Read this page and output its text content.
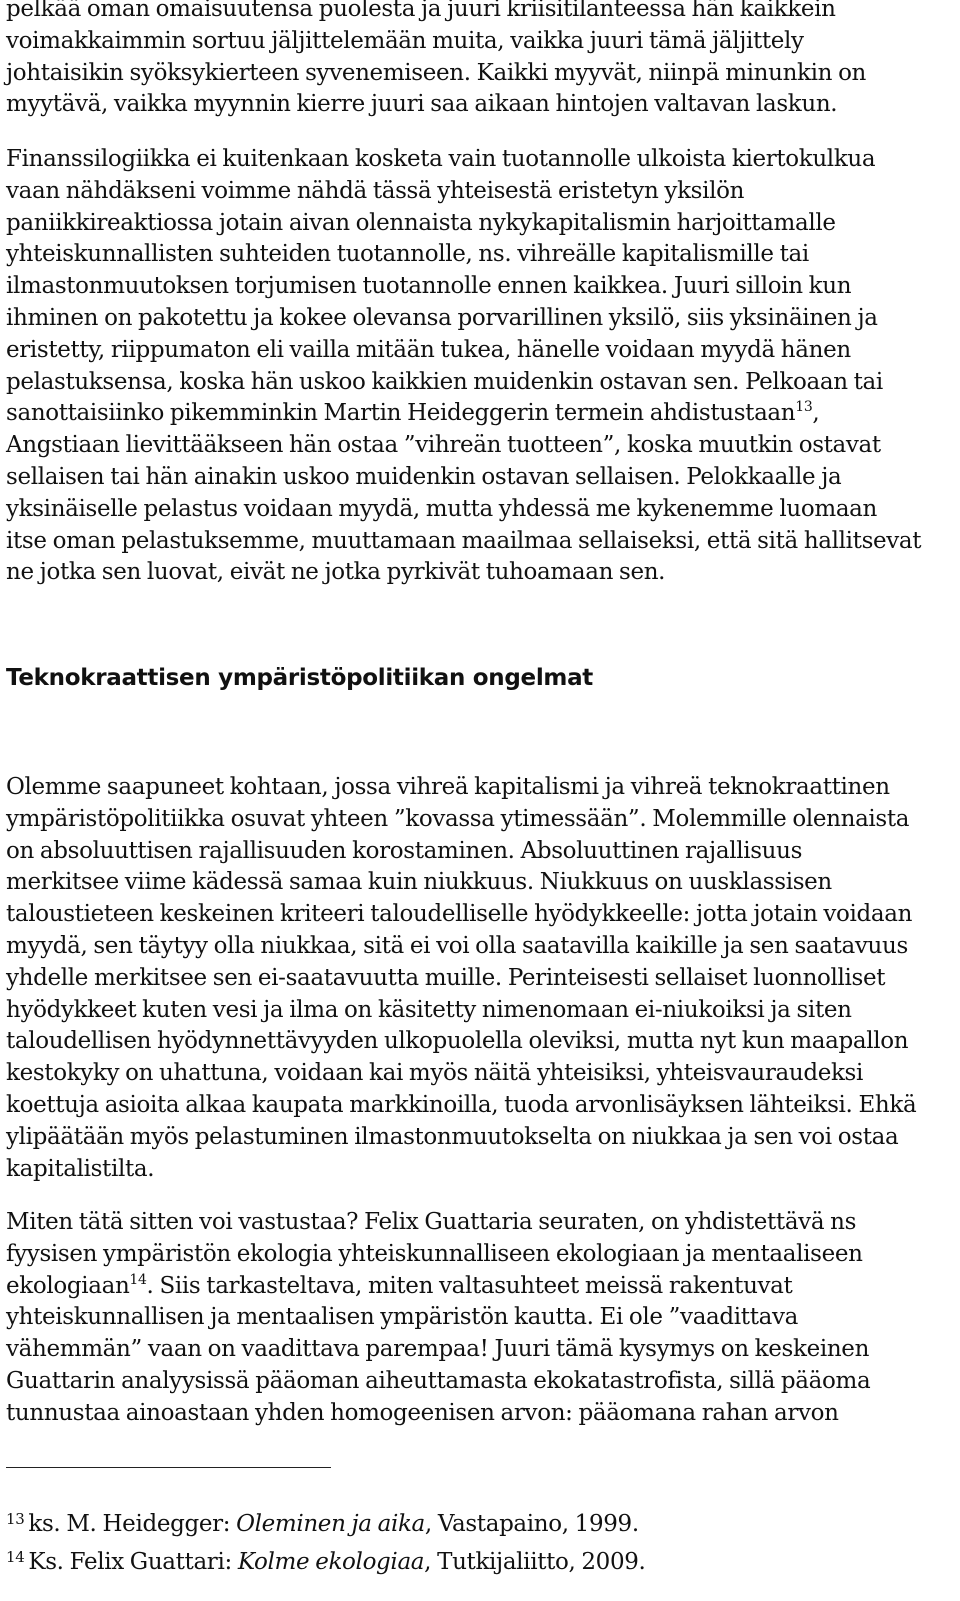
pelkää oman omaisuutensa puolesta ja juuri kriisitilanteessa hän kaikkein
voimakkaimmin sortuu jäljittelemään muita, vaikka juuri tämä jäljittely
johtaisikin syöksykierteen syvenemiseen. Kaikki myyvät, niinpä minunkin on
myytävä, vaikka myynnin kierre juuri saa aikaan hintojen valtavan laskun.
Finanssilogiikka ei kuitenkaan kosketa vain tuotannolle ulkoista kiertokulkua
vaan nähdäkseni voimme nähdä tässä yhteisestä eristetyn yksilön
paniikkireaktiossa jotain aivan olennaista nykykapitalismin harjoittamalle
yhteiskunnallisten suhteiden tuotannolle, ns. vihreälle kapitalismille tai
ilmastonmuutoksen torjumisen tuotannolle ennen kaikkea. Juuri silloin kun
ihminen on pakotettu ja kokee olevansa porvarillinen yksilö, siis yksinäinen ja
eristetty, riippumaton eli vailla mitään tukea, hänelle voidaan myydä hänen
pelastuksensa, koska hän uskoo kaikkien muidenkin ostavan sen. Pelkoaan tai
sanottaisiinko pikemminkin Martin Heideggerin termein ahdistustaan$^{13}$,
Angstiaan lievittääkseen hän ostaa ”vihreän tuotteen”, koska muutkin ostavat
sellaisen tai hän ainakin uskoo muidenkin ostavan sellaisen. Pelokkaalle ja
yksinäiselle pelastus voidaan myydä, mutta yhdessä me kykenemme luomaan
itse oman pelastuksemme, muuttamaan maailmaa sellaiseksi, että sitä hallitsevat
ne jotka sen luovat, eivät ne jotka pyrkivät tuhoamaan sen.
Teknokraattisen ympäristöpolitiikan ongelmat
Olemme saapuneet kohtaan, jossa vihreä kapitalismi ja vihreä teknokraattinen
ympäristöpolitiikka osuvat yhteen ”kovassa ytimessään”. Molemmille olennaista
on absoluuttisen rajallisuuden korostaminen. Absoluuttinen rajallisuus
merkitsee viime kädessä samaa kuin niukkuus. Niukkuus on uusklassisen
taloustieteen keskeinen kriteeri taloudelliselle hyödykkeelle: jotta jotain voidaan
myydä, sen täytyy olla niukkaa, sitä ei voi olla saatavilla kaikille ja sen saatavuus
yhdelle merkitsee sen ei-saatavuutta muille. Perinteisesti sellaiset luonnolliset
hyödykkeet kuten vesi ja ilma on käsitetty nimenomaan ei-niukoiksi ja siten
taloudellisen hyödynnettävyyden ulkopuolella oleviksi, mutta nyt kun maapallon
kestokyky on uhattuna, voidaan kai myös näitä yhteisiksi, yhteisvauraudeksi
koettuja asioita alkaa kaupata markkinoilla, tuoda arvonlisäyksen lähteiksi. Ehkä
ylipäätään myös pelastuminen ilmastonmuutokselta on niukkaa ja sen voi ostaa
kapitalistilta.
Miten tätä sitten voi vastustaa? Felix Guattaria seuraten, on yhdistettävä ns
fyysisen ympäristön ekologia yhteiskunnalliseen ekologiaan ja mentaaliseen
ekologiaan$^{14}$. Siis tarkasteltava, miten valtasuhteet meissä rakentuvat
yhteiskunnallisen ja mentaalisen ympäristön kautta. Ei ole ”vaadittava
vähemmän” vaan on vaadittava parempaa! Juuri tämä kysymys on keskeinen
Guattarin analyysissä pääoman aiheuttamasta ekokatastrofista, sillä pääoma
tunnustaa ainoastaan yhden homogeenisen arvon: pääomana rahan arvon
$^{13}$ ks. M. Heidegger: Oleminen ja aika, Vastapaino, 1999.
$^{14}$ Ks. Felix Guattari: Kolme ekologiaa, Tutkijaliitto, 2009.
